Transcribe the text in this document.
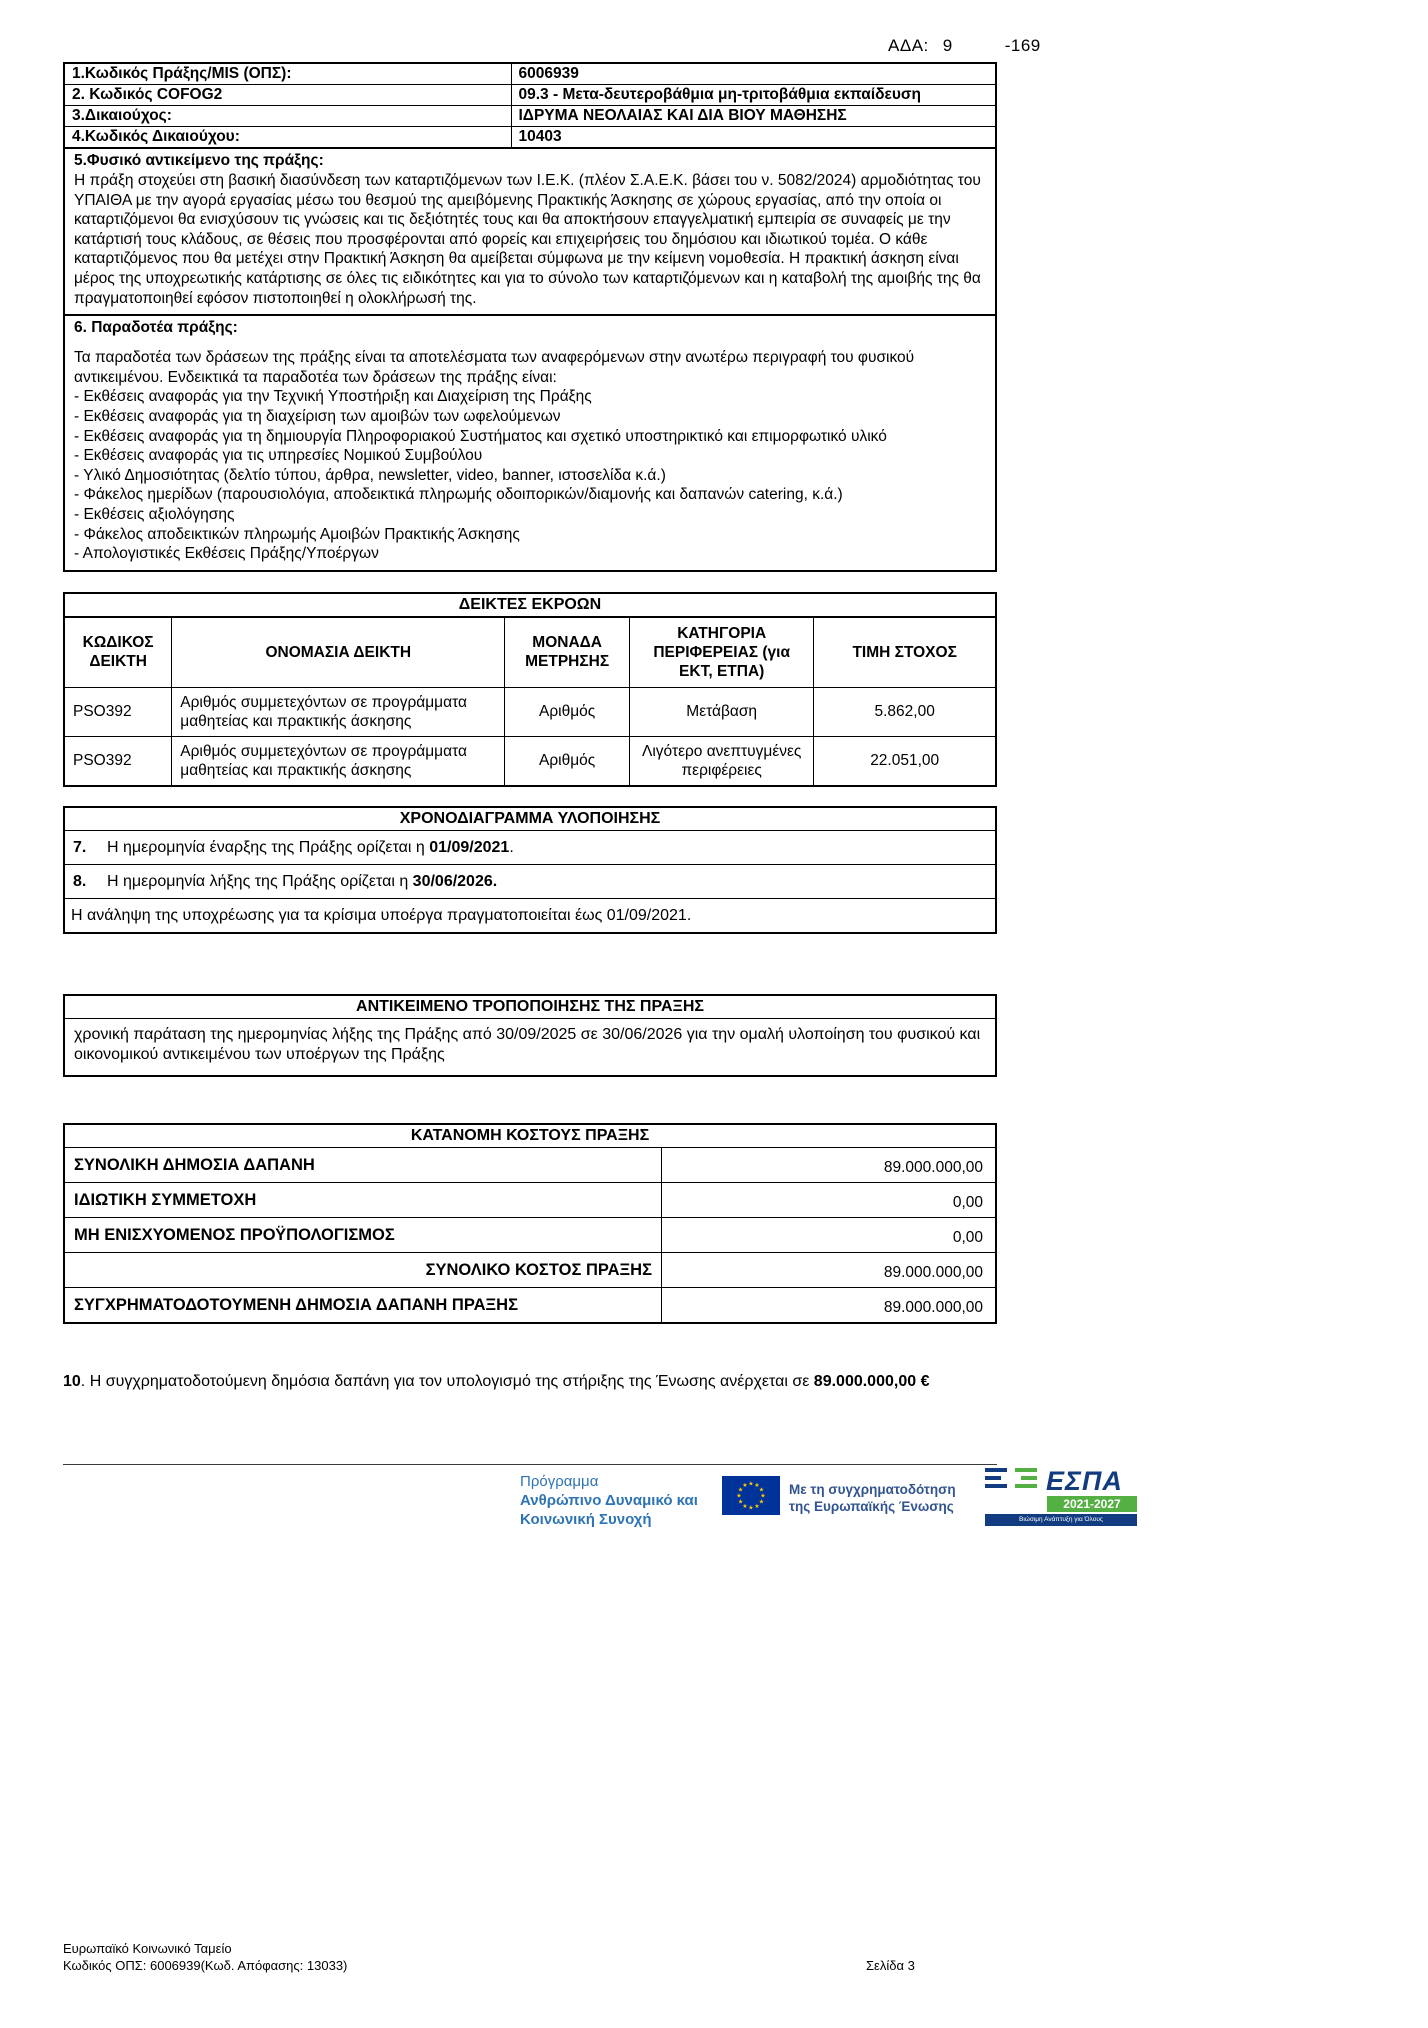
ΑΔΑ: 9	-169
1.Κωδικός Πράξης/MIS (ΟΠΣ):	6006939
2. Κωδικός COFOG2	09.3 - Μετα-δευτεροβάθμια μη-τριτοβάθμια εκπαίδευση
3.Δικαιούχος:	ΙΔΡΥΜΑ ΝΕΟΛΑΙΑΣ ΚΑΙ ΔΙΑ ΒΙΟΥ ΜΑΘΗΣΗΣ
4.Κωδικός Δικαιούχου:	10403
5.Φυσικό αντικείμενο της πράξης:
Η πράξη στοχεύει στη βασική διασύνδεση των καταρτιζόμενων των Ι.Ε.Κ. (πλέον Σ.Α.Ε.Κ. βάσει του ν. 5082/2024) αρμοδιότητας του ΥΠΑΙΘΑ με την αγορά εργασίας μέσω του θεσμού της αμειβόμενης Πρακτικής Άσκησης σε χώρους εργασίας, από την οποία οι καταρτιζόμενοι θα ενισχύσουν τις γνώσεις και τις δεξιότητές τους και θα αποκτήσουν επαγγελματική εμπειρία σε συναφείς με την κατάρτισή τους κλάδους, σε θέσεις που προσφέρονται από φορείς και επιχειρήσεις του δημόσιου και ιδιωτικού τομέα. Ο κάθε καταρτιζόμενος που θα μετέχει στην Πρακτική Άσκηση θα αμείβεται σύμφωνα με την κείμενη νομοθεσία. Η πρακτική άσκηση είναι μέρος της υποχρεωτικής κατάρτισης σε όλες τις ειδικότητες και για το σύνολο των καταρτιζόμενων και η καταβολή της αμοιβής της θα πραγματοποιηθεί εφόσον πιστοποιηθεί η ολοκλήρωσή της.
6. Παραδοτέα πράξης:
Τα παραδοτέα των δράσεων της πράξης είναι τα αποτελέσματα των αναφερόμενων στην ανωτέρω περιγραφή του φυσικού αντικειμένου. Ενδεικτικά τα παραδοτέα των δράσεων της πράξης είναι:
- Εκθέσεις αναφοράς για την Τεχνική Υποστήριξη και Διαχείριση της Πράξης
- Εκθέσεις αναφοράς για τη διαχείριση των αμοιβών των ωφελούμενων
- Εκθέσεις αναφοράς για τη δημιουργία Πληροφοριακού Συστήματος και σχετικό υποστηρικτικό και επιμορφωτικό υλικό
- Εκθέσεις αναφοράς για τις υπηρεσίες Νομικού Συμβούλου
- Υλικό Δημοσιότητας (δελτίο τύπου, άρθρα, newsletter, video, banner, ιστοσελίδα κ.ά.)
- Φάκελος ημερίδων (παρουσιολόγια, αποδεικτικά πληρωμής οδοιπορικών/διαμονής και δαπανών catering, κ.ά.)
- Εκθέσεις αξιολόγησης
- Φάκελος αποδεικτικών πληρωμής Αμοιβών Πρακτικής Άσκησης
- Απολογιστικές Εκθέσεις Πράξης/Υποέργων
ΔΕΙΚΤΕΣ ΕΚΡΟΩΝ
ΚΩΔΙΚΟΣ ΔΕΙΚΤΗ	ΟΝΟΜΑΣΙΑ ΔΕΙΚΤΗ	ΜΟΝΑΔΑ ΜΕΤΡΗΣΗΣ	ΚΑΤΗΓΟΡΙΑ ΠΕΡΙΦΕΡΕΙΑΣ (για ΕΚΤ, ΕΤΠΑ)	ΤΙΜΗ ΣΤΟΧΟΣ
PSO392	Αριθμός συμμετεχόντων σε προγράμματα μαθητείας και πρακτικής άσκησης	Αριθμός	Μετάβαση	5.862,00
PSO392	Αριθμός συμμετεχόντων σε προγράμματα μαθητείας και πρακτικής άσκησης	Αριθμός	Λιγότερο ανεπτυγμένες περιφέρειες	22.051,00
ΧΡΟΝΟΔΙΑΓΡΑΜΜΑ ΥΛΟΠΟΙΗΣΗΣ
7. Η ημερομηνία έναρξης της Πράξης ορίζεται η 01/09/2021.
8. Η ημερομηνία λήξης της Πράξης ορίζεται η 30/06/2026.
Η ανάληψη της υποχρέωσης για τα κρίσιμα υποέργα πραγματοποιείται έως 01/09/2021.
ΑΝΤΙΚΕΙΜΕΝΟ ΤΡΟΠΟΠΟΙΗΣΗΣ ΤΗΣ ΠΡΑΞΗΣ
χρονική παράταση της ημερομηνίας λήξης της Πράξης από 30/09/2025 σε 30/06/2026 για την ομαλή υλοποίηση του φυσικού και οικονομικού αντικειμένου των υποέργων της Πράξης
ΚΑΤΑΝΟΜΗ ΚΟΣΤΟΥΣ ΠΡΑΞΗΣ
ΣΥΝΟΛΙΚΗ ΔΗΜΟΣΙΑ ΔΑΠΑΝΗ	89.000.000,00
ΙΔΙΩΤΙΚΗ ΣΥΜΜΕΤΟΧΗ	0,00
ΜΗ ΕΝΙΣΧΥΟΜΕΝΟΣ ΠΡΟΫΠΟΛΟΓΙΣΜΟΣ	0,00
ΣΥΝΟΛΙΚΟ ΚΟΣΤΟΣ ΠΡΑΞΗΣ	89.000.000,00
ΣΥΓΧΡΗΜΑΤΟΔΟΤΟΥΜΕΝΗ ΔΗΜΟΣΙΑ ΔΑΠΑΝΗ ΠΡΑΞΗΣ	89.000.000,00
10. Η συγχρηματοδοτούμενη δημόσια δαπάνη για τον υπολογισμό της στήριξης της Ένωσης ανέρχεται σε 89.000.000,00 €
Πρόγραμμα
Ανθρώπινο Δυναμικό και
Κοινωνική Συνοχή
★ ★
★
★
★
★
★
★
★
★
★
★	Με τη συγχρηματοδότηση
της Ευρωπαϊκής Ένωσης
ΕΣΠΑ
2021-2027
Βιώσιμη Ανάπτυξη για Όλους
Ευρωπαϊκό Κοινωνικό Ταμείο
Κωδικός ΟΠΣ: 6006939(Κωδ. Απόφασης: 13033)	Σελίδα 3
